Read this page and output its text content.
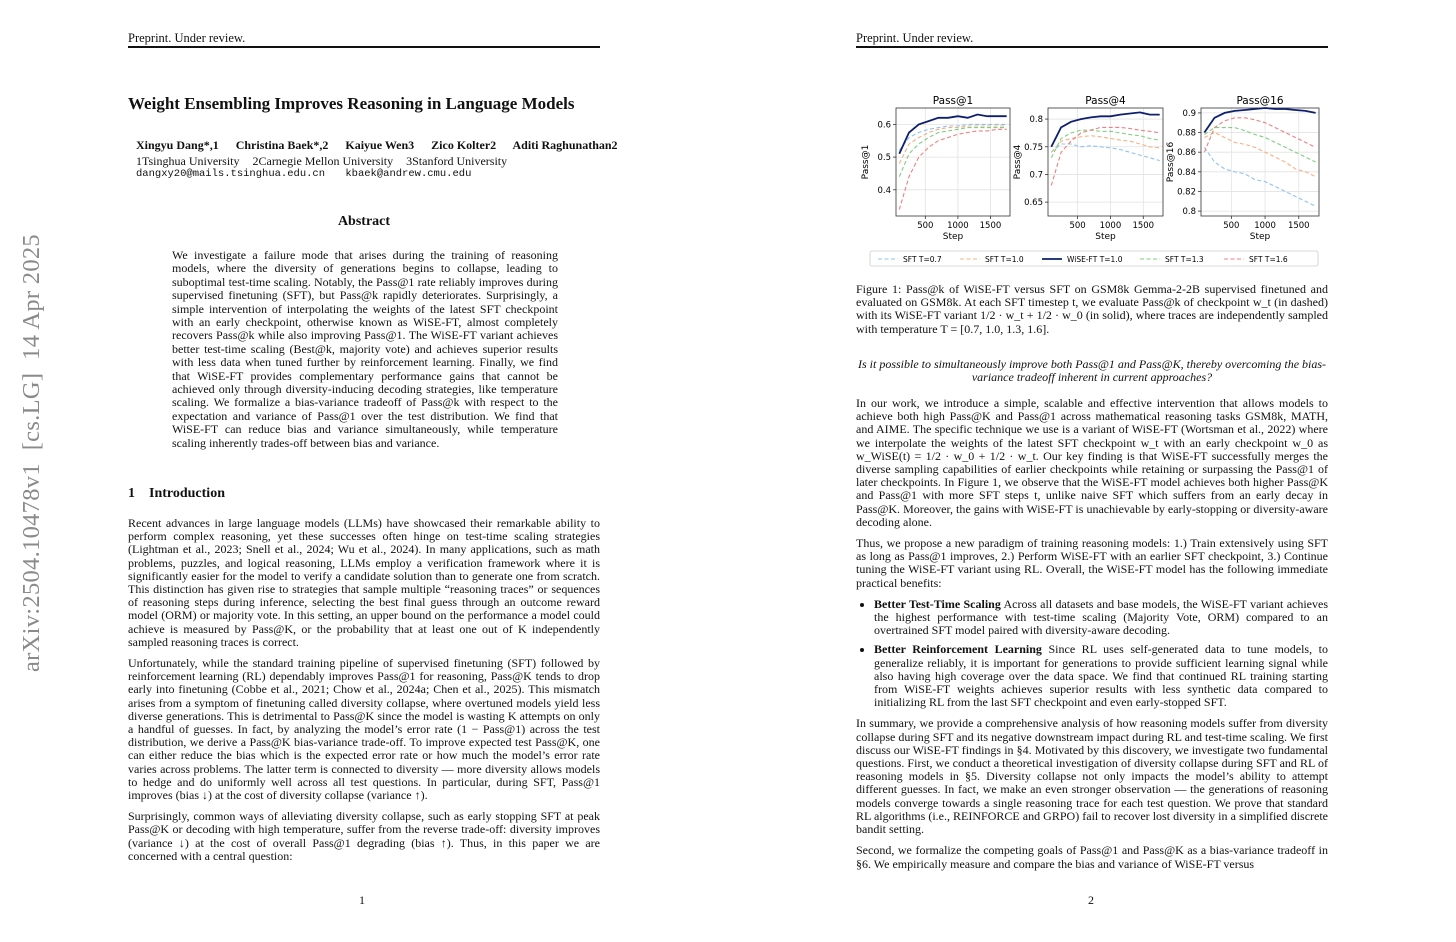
Preprint. Under review.
arXiv:2504.10478v1  [cs.LG]  14 Apr 2025
Weight Ensembling Improves Reasoning in Language Models
Xingyu Dang*,1 Christina Baek*,2 Kaiyue Wen3 Zico Kolter2 Aditi Raghunathan2
1Tsinghua University 2Carnegie Mellon University 3Stanford University
dangxy20@mails.tsinghua.edu.cn kbaek@andrew.cmu.edu
Abstract

We investigate a failure mode that arises during the training of reasoning models, where the diversity of generations begins to collapse, leading to suboptimal test-time scaling. Notably, the Pass@1 rate reliably improves during supervised finetuning (SFT), but Pass@k rapidly deteriorates. Surprisingly, a simple intervention of interpolating the weights of the latest SFT checkpoint with an early checkpoint, otherwise known as WiSE-FT, almost completely recovers Pass@k while also improving Pass@1. The WiSE-FT variant achieves better test-time scaling (Best@k, majority vote) and achieves superior results with less data when tuned further by reinforcement learning. Finally, we find that WiSE-FT provides complementary performance gains that cannot be achieved only through diversity-inducing decoding strategies, like temperature scaling. We formalize a bias-variance tradeoff of Pass@k with respect to the expectation and variance of Pass@1 over the test distribution. We find that WiSE-FT can reduce bias and variance simultaneously, while temperature scaling inherently trades-off between bias and variance.

1    Introduction

Recent advances in large language models (LLMs) have showcased their remarkable ability to perform complex reasoning, yet these successes often hinge on test-time scaling strategies (Lightman et al., 2023; Snell et al., 2024; Wu et al., 2024). In many applications, such as math problems, puzzles, and logical reasoning, LLMs employ a verification framework where it is significantly easier for the model to verify a candidate solution than to generate one from scratch. This distinction has given rise to strategies that sample multiple “reasoning traces” or sequences of reasoning steps during inference, selecting the best final guess through an outcome reward model (ORM) or majority vote. In this setting, an upper bound on the performance a model could achieve is measured by Pass@K, or the probability that at least one out of K independently sampled reasoning traces is correct.

Unfortunately, while the standard training pipeline of supervised finetuning (SFT) followed by reinforcement learning (RL) dependably improves Pass@1 for reasoning, Pass@K tends to drop early into finetuning (Cobbe et al., 2021; Chow et al., 2024a; Chen et al., 2025). This mismatch arises from a symptom of finetuning called diversity collapse, where overtuned models yield less diverse generations. This is detrimental to Pass@K since the model is wasting K attempts on only a handful of guesses. In fact, by analyzing the model’s error rate (1 − Pass@1) across the test distribution, we derive a Pass@K bias-variance trade-off. To improve expected test Pass@K, one can either reduce the bias which is the expected error rate or how much the model’s error rate varies across problems. The latter term is connected to diversity — more diversity allows models to hedge and do uniformly well across all test questions. In particular, during SFT, Pass@1 improves (bias ↓) at the cost of diversity collapse (variance ↑).

Surprisingly, common ways of alleviating diversity collapse, such as early stopping SFT at peak Pass@K or decoding with high temperature, suffer from the reverse trade-off: diversity improves (variance ↓) at the cost of overall Pass@1 degrading (bias ↑). Thus, in this paper we are concerned with a central question:

1
Preprint. Under review.
Pass@1
500 1000 1500
0.4
0.5
0.6
Step
Pass@1
Pass@4
500 1000 1500
0.65
0.7
0.75
0.8
Step
Pass@4
Pass@16
500 1000 1500
0.8
0.82
0.84
0.86
0.88
0.9
Step
Pass@16
SFT T=0.7	SFT T=1.0	WiSE-FT T=1.0	SFT T=1.3	SFT T=1.6
Figure 1: Pass@k of WiSE-FT versus SFT on GSM8k Gemma-2-2B supervised finetuned and evaluated on GSM8k. At each SFT timestep t, we evaluate Pass@k of checkpoint w_t (in dashed) with its WiSE-FT variant 1/2 · w_t + 1/2 · w_0 (in solid), where traces are independently sampled with temperature T = [0.7, 1.0, 1.3, 1.6].
Is it possible to simultaneously improve both Pass@1 and Pass@K, thereby overcoming the bias-variance tradeoff inherent in current approaches?

In our work, we introduce a simple, scalable and effective intervention that allows models to achieve both high Pass@K and Pass@1 across mathematical reasoning tasks GSM8k, MATH, and AIME. The specific technique we use is a variant of WiSE-FT (Wortsman et al., 2022) where we interpolate the weights of the latest SFT checkpoint w_t with an early checkpoint w_0 as w_WiSE(t) = 1/2 · w_0 + 1/2 · w_t. Our key finding is that WiSE-FT successfully merges the diverse sampling capabilities of earlier checkpoints while retaining or surpassing the Pass@1 of later checkpoints. In Figure 1, we observe that the WiSE-FT model achieves both higher Pass@K and Pass@1 with more SFT steps t, unlike naive SFT which suffers from an early decay in Pass@K. Moreover, the gains with WiSE-FT is unachievable by early-stopping or diversity-aware decoding alone.

Thus, we propose a new paradigm of training reasoning models: 1.) Train extensively using SFT as long as Pass@1 improves, 2.) Perform WiSE-FT with an earlier SFT checkpoint, 3.) Continue tuning the WiSE-FT variant using RL. Overall, the WiSE-FT model has the following immediate practical benefits:

• Better Test-Time Scaling Across all datasets and base models, the WiSE-FT variant achieves the highest performance with test-time scaling (Majority Vote, ORM) compared to an overtrained SFT model paired with diversity-aware decoding.
• Better Reinforcement Learning Since RL uses self-generated data to tune models, to generalize reliably, it is important for generations to provide sufficient learning signal while also having high coverage over the data space. We find that continued RL training starting from WiSE-FT weights achieves superior results with less synthetic data compared to initializing RL from the last SFT checkpoint and even early-stopped SFT.

In summary, we provide a comprehensive analysis of how reasoning models suffer from diversity collapse during SFT and its negative downstream impact during RL and test-time scaling. We first discuss our WiSE-FT findings in §4. Motivated by this discovery, we investigate two fundamental questions. First, we conduct a theoretical investigation of diversity collapse during SFT and RL of reasoning models in §5. Diversity collapse not only impacts the model’s ability to attempt different guesses. In fact, we make an even stronger observation — the generations of reasoning models converge towards a single reasoning trace for each test question. We prove that standard RL algorithms (i.e., REINFORCE and GRPO) fail to recover lost diversity in a simplified discrete bandit setting.

Second, we formalize the competing goals of Pass@1 and Pass@K as a bias-variance tradeoff in §6. We empirically measure and compare the bias and variance of WiSE-FT versus

2
